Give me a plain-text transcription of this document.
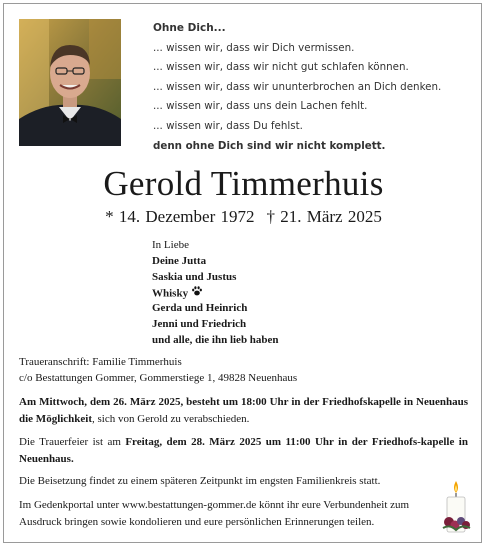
Ohne Dich...
... wissen wir, dass wir Dich vermissen.
... wissen wir, dass wir nicht gut schlafen können.
... wissen wir, dass wir ununterbrochen an Dich denken.
... wissen wir, dass uns dein Lachen fehlt.
... wissen wir, dass Du fehlst.
denn ohne Dich sind wir nicht komplett.
Gerold Timmerhuis
* 14. Dezember 1972 † 21. März 2025
In Liebe
Deine Jutta
Saskia und Justus
Whisky
Gerda und Heinrich
Jenni und Friedrich
und alle, die ihn lieb haben
Traueranschrift: Familie Timmerhuis
c/o Bestattungen Gommer, Gommerstiege 1, 49828 Neuenhaus
Am Mittwoch, dem 26. März 2025, besteht um 18:00 Uhr in der Friedhofskapelle in Neuenhaus die Möglichkeit, sich von Gerold zu verabschieden.
Die Trauerfeier ist am Freitag, dem 28. März 2025 um 11:00 Uhr in der Friedhofs-kapelle in Neuenhaus.
Die Beisetzung findet zu einem späteren Zeitpunkt im engsten Familienkreis statt.
Im Gedenkportal unter www.bestattungen-gommer.de könnt ihr eure Verbundenheit zum Ausdruck bringen sowie kondolieren und eure persönlichen Erinnerungen teilen.
